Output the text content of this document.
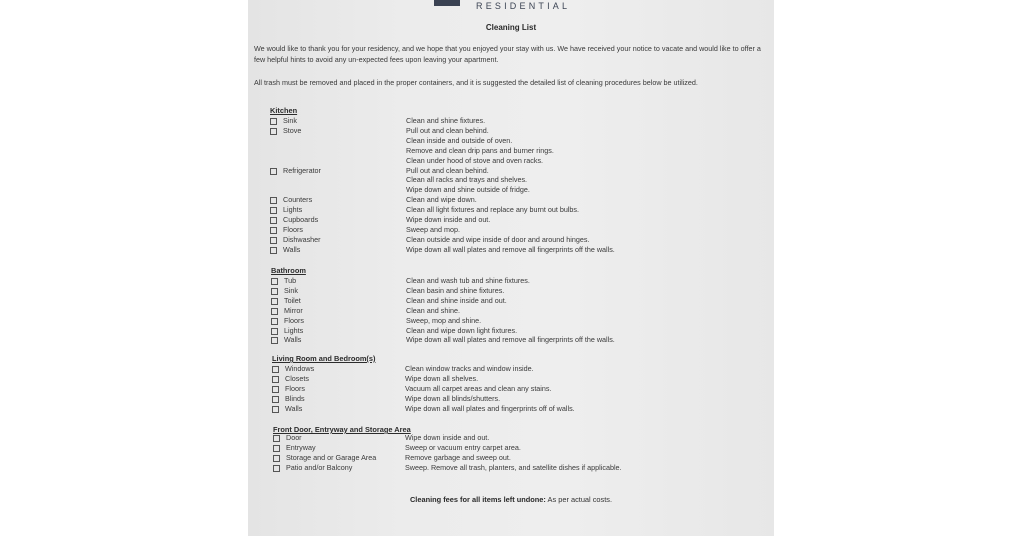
RESIDENTIAL
Cleaning List
We would like to thank you for your residency, and we hope that you enjoyed your stay with us. We have received your notice to vacate and would like to offer a few helpful hints to avoid any un-expected fees upon leaving your apartment.
All trash must be removed and placed in the proper containers, and it is suggested the detailed list of cleaning procedures below be utilized.
Kitchen
Sink	Clean and shine fixtures.
Stove	Pull out and clean behind.
Clean inside and outside of oven.
Remove and clean drip pans and burner rings.
Clean under hood of stove and oven racks.
Refrigerator	Pull out and clean behind.
Clean all racks and trays and shelves.
Wipe down and shine outside of fridge.
Counters	Clean and wipe down.
Lights	Clean all light fixtures and replace any burnt out bulbs.
Cupboards	Wipe down inside and out.
Floors	Sweep and mop.
Dishwasher	Clean outside and wipe inside of door and around hinges.
Walls	Wipe down all wall plates and remove all fingerprints off the walls.
Bathroom
Tub	Clean and wash tub and shine fixtures.
Sink	Clean basin and shine fixtures.
Toilet	Clean and shine inside and out.
Mirror	Clean and shine.
Floors	Sweep, mop and shine.
Lights	Clean and wipe down light fixtures.
Walls	Wipe down all wall plates and remove all fingerprints off the walls.
Living Room and Bedroom(s)
Windows	Clean window tracks and window inside.
Closets	Wipe down all shelves.
Floors	Vacuum all carpet areas and clean any stains.
Blinds	Wipe down all blinds/shutters.
Walls	Wipe down all wall plates and fingerprints off of walls.
Front Door, Entryway and Storage Area
Door	Wipe down inside and out.
Entryway	Sweep or vacuum entry carpet area.
Storage and or Garage Area	Remove garbage and sweep out.
Patio and/or Balcony	Sweep. Remove all trash, planters, and satellite dishes if applicable.
Cleaning fees for all items left undone: As per actual costs.
